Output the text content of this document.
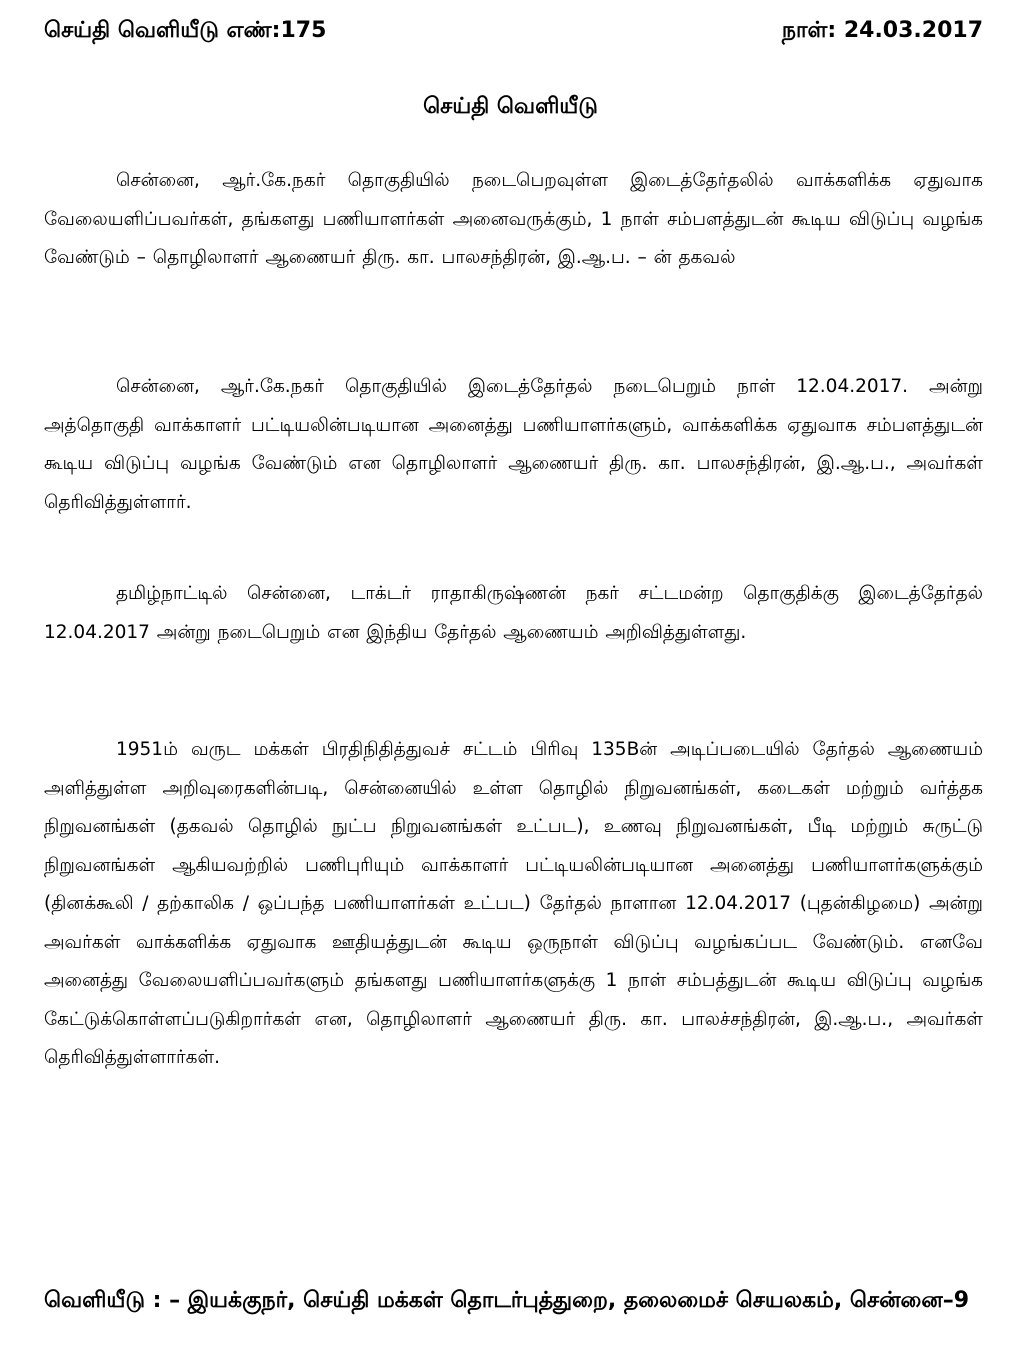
செய்தி வெளியீடு எண்:175	நாள்: 24.03.2017
செய்தி வெளியீடு

சென்னை, ஆர்.கே.நகர் தொகுதியில் நடைபெறவுள்ள இடைத்தேர்தலில் வாக்களிக்க ஏதுவாக வேலையளிப்பவர்கள், தங்களது பணியாளர்கள் அனைவருக்கும், 1 நாள் சம்பளத்துடன் கூடிய விடுப்பு வழங்க வேண்டும் – தொழிலாளர் ஆணையர் திரு. கா. பாலசந்திரன், இ.ஆ.ப. – ன் தகவல்

சென்னை, ஆர்.கே.நகர் தொகுதியில் இடைத்தேர்தல் நடைபெறும் நாள் 12.04.2017. அன்று அத்தொகுதி வாக்காளர் பட்டியலின்படியான அனைத்து பணியாளர்களும், வாக்களிக்க ஏதுவாக சம்பளத்துடன் கூடிய விடுப்பு வழங்க வேண்டும் என தொழிலாளர் ஆணையர் திரு. கா. பாலசந்திரன், இ.ஆ.ப., அவர்கள் தெரிவித்துள்ளார்.

தமிழ்நாட்டில் சென்னை, டாக்டர் ராதாகிருஷ்ணன் நகர் சட்டமன்ற தொகுதிக்கு இடைத்தேர்தல் 12.04.2017 அன்று நடைபெறும் என இந்திய தேர்தல் ஆணையம் அறிவித்துள்ளது.

1951ம் வருட மக்கள் பிரதிநிதித்துவச் சட்டம் பிரிவு 135Bன் அடிப்படையில் தேர்தல் ஆணையம் அளித்துள்ள அறிவுரைகளின்படி, சென்னையில் உள்ள தொழில் நிறுவனங்கள், கடைகள் மற்றும் வர்த்தக நிறுவனங்கள் (தகவல் தொழில் நுட்ப நிறுவனங்கள் உட்பட), உணவு நிறுவனங்கள், பீடி மற்றும் சுருட்டு நிறுவனங்கள் ஆகியவற்றில் பணிபுரியும் வாக்காளர் பட்டியலின்படியான அனைத்து பணியாளர்களுக்கும் (தினக்கூலி / தற்காலிக / ஒப்பந்த பணியாளர்கள் உட்பட) தேர்தல் நாளான 12.04.2017 (புதன்கிழமை) அன்று அவர்கள் வாக்களிக்க ஏதுவாக ஊதியத்துடன் கூடிய ஒருநாள் விடுப்பு வழங்கப்பட வேண்டும். எனவே அனைத்து வேலையளிப்பவர்களும் தங்களது பணியாளர்களுக்கு 1 நாள் சம்பத்துடன் கூடிய விடுப்பு வழங்க கேட்டுக்கொள்ளப்படுகிறார்கள் என, தொழிலாளர் ஆணையர் திரு. கா. பாலச்சந்திரன், இ.ஆ.ப., அவர்கள் தெரிவித்துள்ளார்கள்.

வெளியீடு : – இயக்குநர், செய்தி மக்கள் தொடர்புத்துறை, தலைமைச் செயலகம், சென்னை–9
